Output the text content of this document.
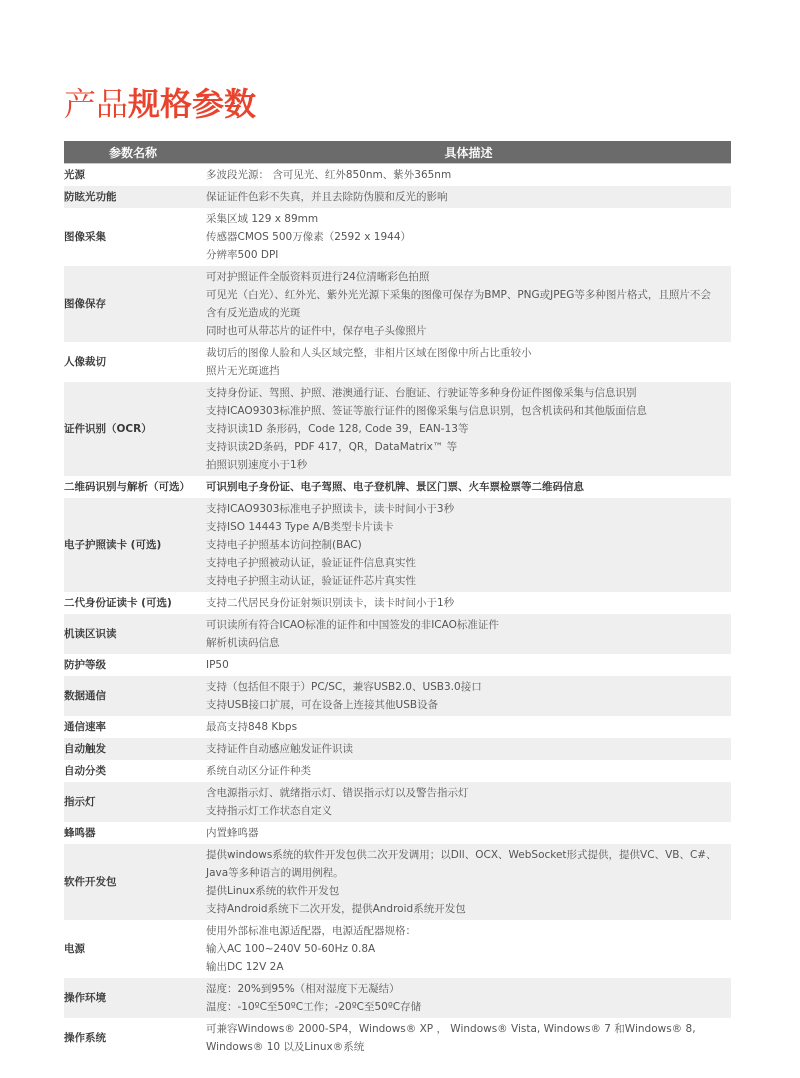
产品规格参数
参数名称	具体描述
光源	多波段光源： 含可见光、红外850nm、紫外365nm

防眩光功能	保证证件色彩不失真，并且去除防伪膜和反光的影响

图像采集	采集区域 129 x 89mm
传感器CMOS 500万像素（2592 x 1944）
分辨率500 DPI

图像保存	可对护照证件全版资料页进行24位清晰彩色拍照
可见光（白光）、红外光、紫外光光源下采集的图像可保存为BMP、PNG或JPEG等多种图片格式，且照片不会
含有反光造成的光斑
同时也可从带芯片的证件中，保存电子头像照片

人像裁切	裁切后的图像人脸和人头区域完整，非相片区域在图像中所占比重较小
照片无光斑遮挡

证件识别（OCR）	支持身份证、驾照、护照、港澳通行证、台胞证、行驶证等多种身份证件图像采集与信息识别
支持ICAO9303标准护照、签证等旅行证件的图像采集与信息识别，包含机读码和其他版面信息
支持识读1D 条形码，Code 128, Code 39，EAN-13等
支持识读2D条码，PDF 417，QR，DataMatrix™ 等
拍照识别速度小于1秒

二维码识别与解析（可选）	可识别电子身份证、电子驾照、电子登机牌、景区门票、火车票检票等二维码信息

电子护照读卡 (可选)	支持ICAO9303标准电子护照读卡，读卡时间小于3秒
支持ISO 14443 Type A/B类型卡片读卡
支持电子护照基本访问控制(BAC)
支持电子护照被动认证，验证证件信息真实性
支持电子护照主动认证，验证证件芯片真实性

二代身份证读卡 (可选)	支持二代居民身份证射频识别读卡，读卡时间小于1秒

机读区识读	可识读所有符合ICAO标准的证件和中国签发的非ICAO标准证件
解析机读码信息

防护等级	IP50

数据通信	支持（包括但不限于）PC/SC，兼容USB2.0、USB3.0接口
支持USB接口扩展，可在设备上连接其他USB设备

通信速率	最高支持848 Kbps

自动触发	支持证件自动感应触发证件识读

自动分类	系统自动区分证件种类

指示灯	含电源指示灯、就绪指示灯、错误指示灯以及警告指示灯
支持指示灯工作状态自定义

蜂鸣器	内置蜂鸣器

软件开发包	提供windows系统的软件开发包供二次开发调用；以Dll、OCX、WebSocket形式提供，提供VC、VB、C#、
Java等多种语言的调用例程。
提供Linux系统的软件开发包
支持Android系统下二次开发，提供Android系统开发包

电源	使用外部标准电源适配器，电源适配器规格：
输入AC 100~240V 50-60Hz 0.8A
输出DC 12V 2A

操作环境	湿度：20%到95%（相对湿度下无凝结）
温度：-10ºC至50ºC工作；-20ºC至50ºC存储

操作系统	可兼容Windows® 2000-SP4，Windows® XP ， Windows® Vista, Windows® 7 和Windows® 8,
Windows® 10 以及Linux®系统
